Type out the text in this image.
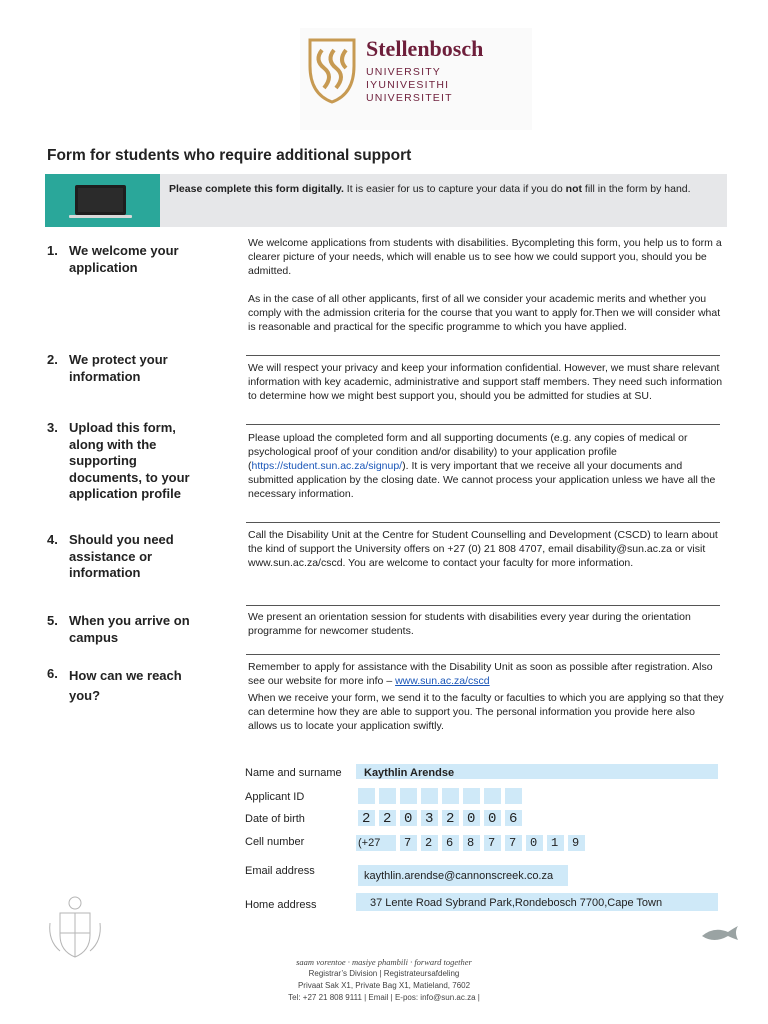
Stellenbosch
UNIVERSITY
IYUNIVESITHI
UNIVERSITEIT
Form for students who require additional support
Please complete this form digitally. It is easier for us to capture your data if you do not fill in the form by hand.
1. We welcome your application
We welcome applications from students with disabilities. Bycompleting this form, you help us to form a clearer picture of your needs, which will enable us to see how we could support you, should you be admitted.
As in the case of all other applicants, first of all we consider your academic merits and whether you comply with the admission criteria for the course that you want to apply for.Then we will consider what is reasonable and practical for the specific programme to which you have applied.
2. We protect your information
We will respect your privacy and keep your information confidential. However, we must share relevant information with key academic, administrative and support staff members. They need such information to determine how we might best support you, should you be admitted for studies at SU.
3. Upload this form, along with the supporting documents, to your application profile
Please upload the completed form and all supporting documents (e.g. any copies of medical or psychological proof of your condition and/or disability) to your application profile (https://student.sun.ac.za/signup/). It is very important that we receive all your documents and submitted application by the closing date. We cannot process your application unless we have all the necessary information.
4. Should you need assistance or information
Call the Disability Unit at the Centre for Student Counselling and Development (CSCD) to learn about the kind of support the University offers on +27 (0) 21 808 4707, email disability@sun.ac.za or visit www.sun.ac.za/cscd. You are welcome to contact your faculty for more information.
5. When you arrive on campus
We present an orientation session for students with disabilities every year during the orientation programme for newcomer students.
6. How can we reach you?
Remember to apply for assistance with the Disability Unit as soon as possible after registration. Also see our website for more info – www.sun.ac.za/cscd
When we receive your form, we send it to the faculty or faculties to which you are applying so that they can determine how they are able to support you. The personal information you provide here also allows us to locate your application swiftly.
Name and surname	Kaythlin Arendse
Applicant ID
Date of birth	2 2 0 3 2 0 0 6
Cell number	(+27 7 2 6 8 7 7 0 1 9
Email address	kaythlin.arendse@cannonscreek.co.za
Home address	37 Lente Road Sybrand Park,Rondebosch 7700,Cape Town
saam vorentoe · masiye phambili · forward together
Registrar’s Division | Registrateursafdeling
Privaat Sak X1, Private Bag X1, Matieland, 7602
Tel: +27 21 808 9111 | Email | E-pos: info@sun.ac.za |
